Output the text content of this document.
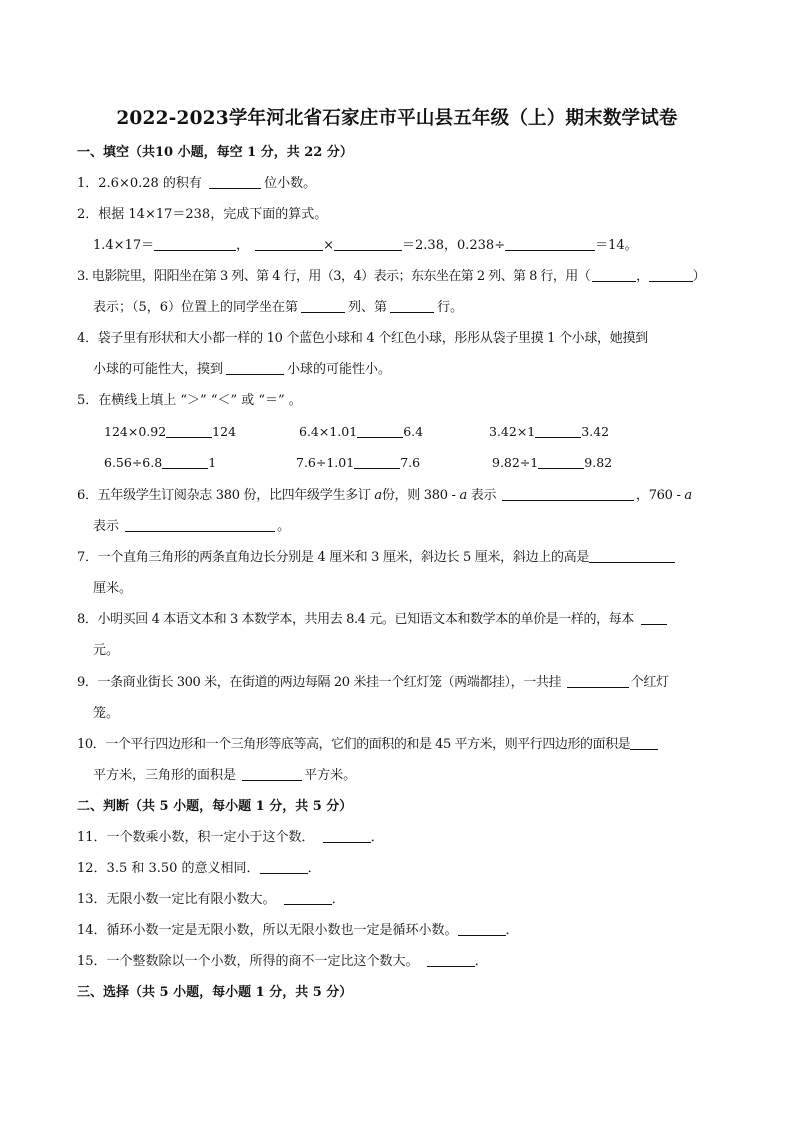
2022-2023学年河北省石家庄市平山县五年级（上）期末数学试卷
一、填空（共10 小题，每空 1 分，共 22 分）
1．2.6×0.28 的积有	位小数。
2．根据 14×17＝238，完成下面的算式。
1.4×17＝	，	×	＝2.38，0.238÷	＝14。
3. 电影院里，阳阳坐在第 3 列、第 4 行，用（3，4）表示；东东坐在第 2 列、第 8 行，用（	，	）
表示；（5，6）位置上的同学坐在第	列、第	行。
4．袋子里有形状和大小都一样的 10 个蓝色小球和 4 个红色小球，彤彤从袋子里摸 1 个小球，她摸到
小球的可能性大，摸到	小球的可能性小。
5．在横线上填上 “＞” “＜” 或 “＝” 。
124×0.92	124	6.4×1.01	6.4	3.42×1	3.42
6.56÷6.8	1	7.6÷1.01	7.6	9.82÷1	9.82
6．五年级学生订阅杂志 380 份，比四年级学生多订 a份，则 380 - a 表示	，760 - a
表示	。
7．一个直角三角形的两条直角边长分别是 4 厘米和 3 厘米，斜边长 5 厘米，斜边上的高是
厘米。
8．小明买回 4 本语文本和 3 本数学本，共用去 8.4 元。已知语文本和数学本的单价是一样的，每本
元。
9．一条商业街长 300 米，在街道的两边每隔 20 米挂一个红灯笼（两端都挂），一共挂	个红灯
笼。
10．一个平行四边形和一个三角形等底等高，它们的面积的和是 45 平方米，则平行四边形的面积是
平方米，三角形的面积是	平方米。
二、判断（共 5 小题，每小题 1 分，共 5 分）
11．一个数乘小数，积一定小于这个数．	．
12．3.5 和 3.50 的意义相同．	．
13．无限小数一定比有限小数大。	．
14．循环小数一定是无限小数，所以无限小数也一定是循环小数。	．
15．一个整数除以一个小数，所得的商不一定比这个数大。	．
三、选择（共 5 小题，每小题 1 分，共 5 分）
